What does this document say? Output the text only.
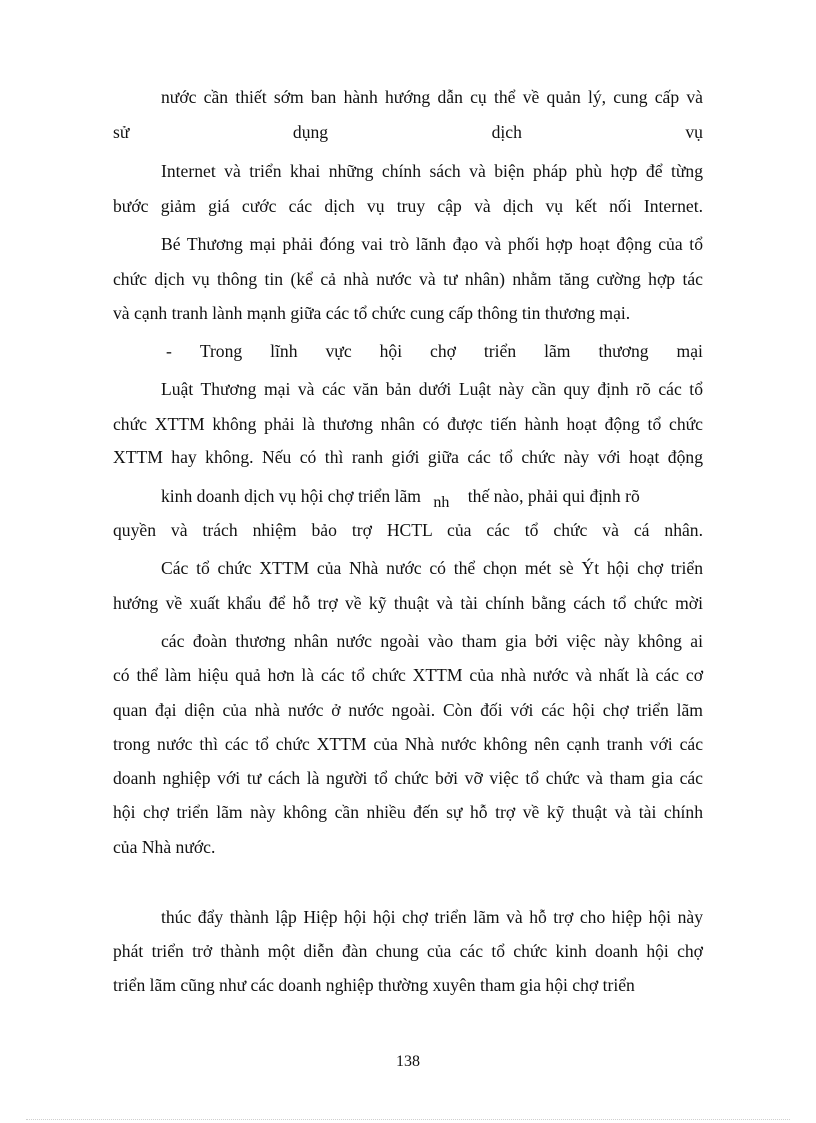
nước cần thiết sớm ban hành hướng dẫn cụ thể về quản lý, cung cấp và
sử	dụng	dịch	vụ
Internet và triển khai những chính sách và biện pháp phù hợp để từng
bước giảm giá cước các dịch vụ truy cập và dịch vụ kết nối Internet.
Bé Thương mại phải đóng vai trò lãnh đạo và phối hợp hoạt động của tổ
chức dịch vụ thông tin (kể cả nhà nước và tư nhân) nhằm tăng cường hợp tác
và cạnh tranh lành mạnh giữa các tổ chức cung cấp thông tin thương mại.
- Trong lĩnh vực hội chợ triển lãm thương mại
Luật Thương mại và các văn bản dưới Luật này cần quy định rõ các tổ
chức XTTM không phải là thương nhân có được tiến hành hoạt động tổ chức
XTTM hay không. Nếu có thì ranh giới giữa các tổ chức này với hoạt động
kinh doanh dịch vụ hội chợ triển lãm nh thế nào, phải qui định rõ
quyền và trách nhiệm bảo trợ HCTL của các tổ chức và cá nhân.
Các tổ chức XTTM của Nhà nước có thể chọn mét sè Ýt hội chợ triển
hướng về xuất khẩu để hỗ trợ về kỹ thuật và tài chính bằng cách tổ chức mời
các đoàn thương nhân nước ngoài vào tham gia bởi việc này không ai
có thể làm hiệu quả hơn là các tổ chức XTTM của nhà nước và nhất là các cơ
quan đại diện của nhà nước ở nước ngoài. Còn đối với các hội chợ triển lãm
trong nước thì các tổ chức XTTM của Nhà nước không nên cạnh tranh với các
doanh nghiệp với tư cách là người tổ chức bởi vỡ việc tổ chức và tham gia các
hội chợ triển lãm này không cần nhiều đến sự hỗ trợ về kỹ thuật và tài chính
của Nhà nước.
thúc đẩy thành lập Hiệp hội hội chợ triển lãm và hỗ trợ cho hiệp hội này
phát triển trở thành một diễn đàn chung của các tổ chức kinh doanh hội chợ
triển lãm cũng như các doanh nghiệp thường xuyên tham gia hội chợ triển
138
